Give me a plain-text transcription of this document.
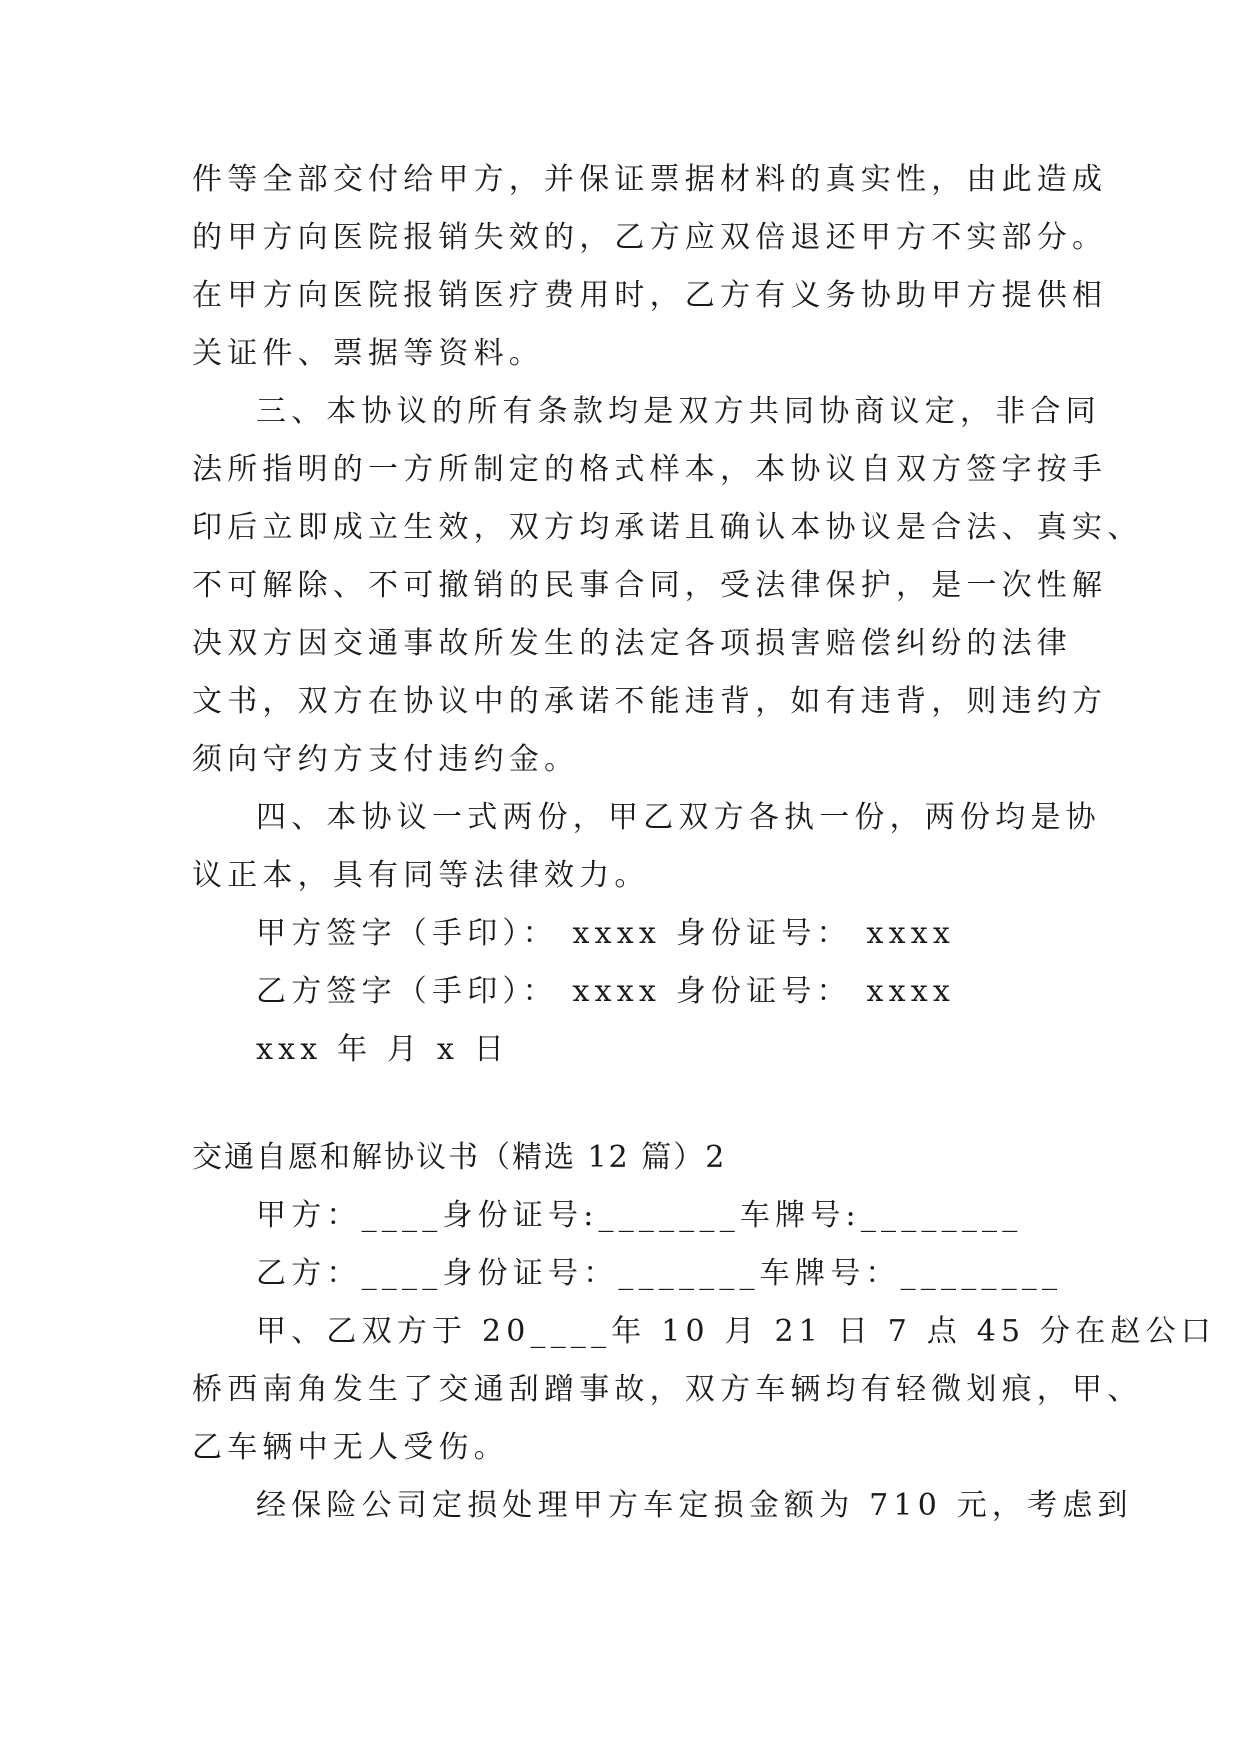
件等全部交付给甲方，并保证票据材料的真实性，由此造成
的甲方向医院报销失效的，乙方应双倍退还甲方不实部分。
在甲方向医院报销医疗费用时，乙方有义务协助甲方提供相
关证件、票据等资料。
三、本协议的所有条款均是双方共同协商议定，非合同
法所指明的一方所制定的格式样本，本协议自双方签字按手
印后立即成立生效，双方均承诺且确认本协议是合法、真实、
不可解除、不可撤销的民事合同，受法律保护，是一次性解
决双方因交通事故所发生的法定各项损害赔偿纠纷的法律
文书，双方在协议中的承诺不能违背，如有违背，则违约方
须向守约方支付违约金。
四、本协议一式两份，甲乙双方各执一份，两份均是协
议正本，具有同等法律效力。
甲方签字（手印）： xxxx 身份证号： xxxx
乙方签字（手印）： xxxx 身份证号： xxxx
xxx 年 月 x 日
交通自愿和解协议书（精选 12 篇）2
甲方：____身份证号:_______车牌号:________
乙方：____身份证号：_______车牌号：________
甲、乙双方于 20____年 10 月 21 日 7 点 45 分在赵公口
桥西南角发生了交通刮蹭事故，双方车辆均有轻微划痕，甲、
乙车辆中无人受伤。
经保险公司定损处理甲方车定损金额为 710 元，考虑到
